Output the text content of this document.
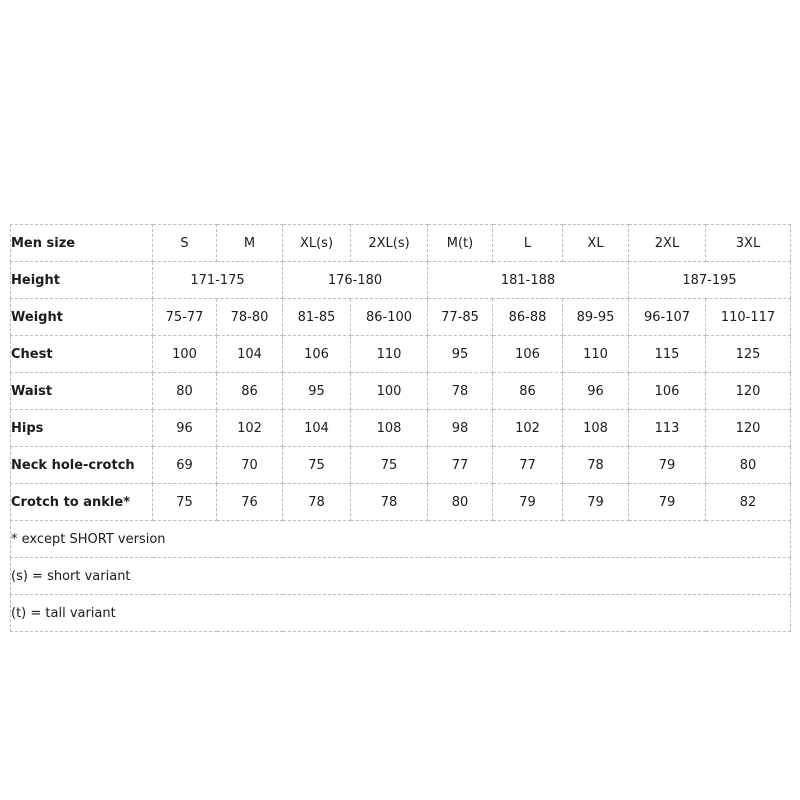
Men size	S	M	XL(s)	2XL(s)	M(t)	L	XL	2XL	3XL
Height	171-175		176-180		181-188			187-195	
Weight	75-77	78-80	81-85	86-100	77-85	86-88	89-95	96-107	110-117
Chest	100	104	106	110	95	106	110	115	125
Waist	80	86	95	100	78	86	96	106	120
Hips	96	102	104	108	98	102	108	113	120
Neck hole-crotch	69	70	75	75	77	77	78	79	80
Crotch to ankle*	75	76	78	78	80	79	79	79	82
* except SHORT version									
(s) = short variant									
(t) = tall variant									
